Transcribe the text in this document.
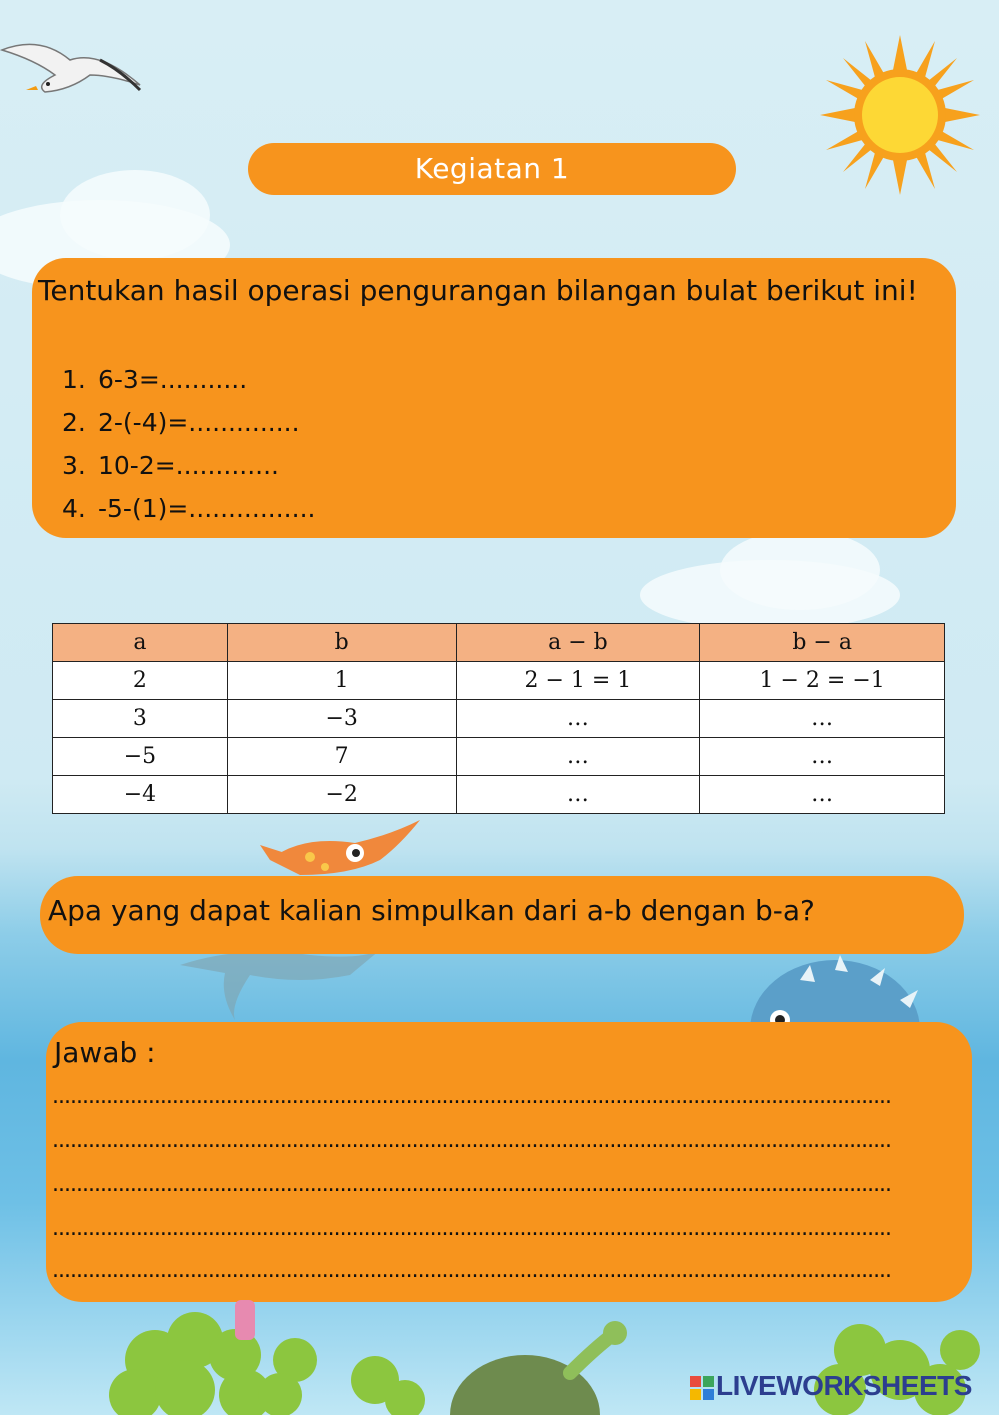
Kegiatan 1
Tentukan hasil operasi pengurangan bilangan bulat berikut ini!
1. 6-3=...........
2. 2-(-4)=..............
3. 10-2=.............
4. -5-(1)=................
a	b	a − b	b − a
2	1	2 − 1 = 1	1 − 2 = −1
3	−3	…	…
−5	7	…	…
−4	−2	…	…
Apa yang dapat kalian simpulkan dari a-b dengan b-a?
Jawab :
............................................................................................................................................
............................................................................................................................................
............................................................................................................................................
............................................................................................................................................
............................................................................................................................................
LIVEWORKSHEETS
